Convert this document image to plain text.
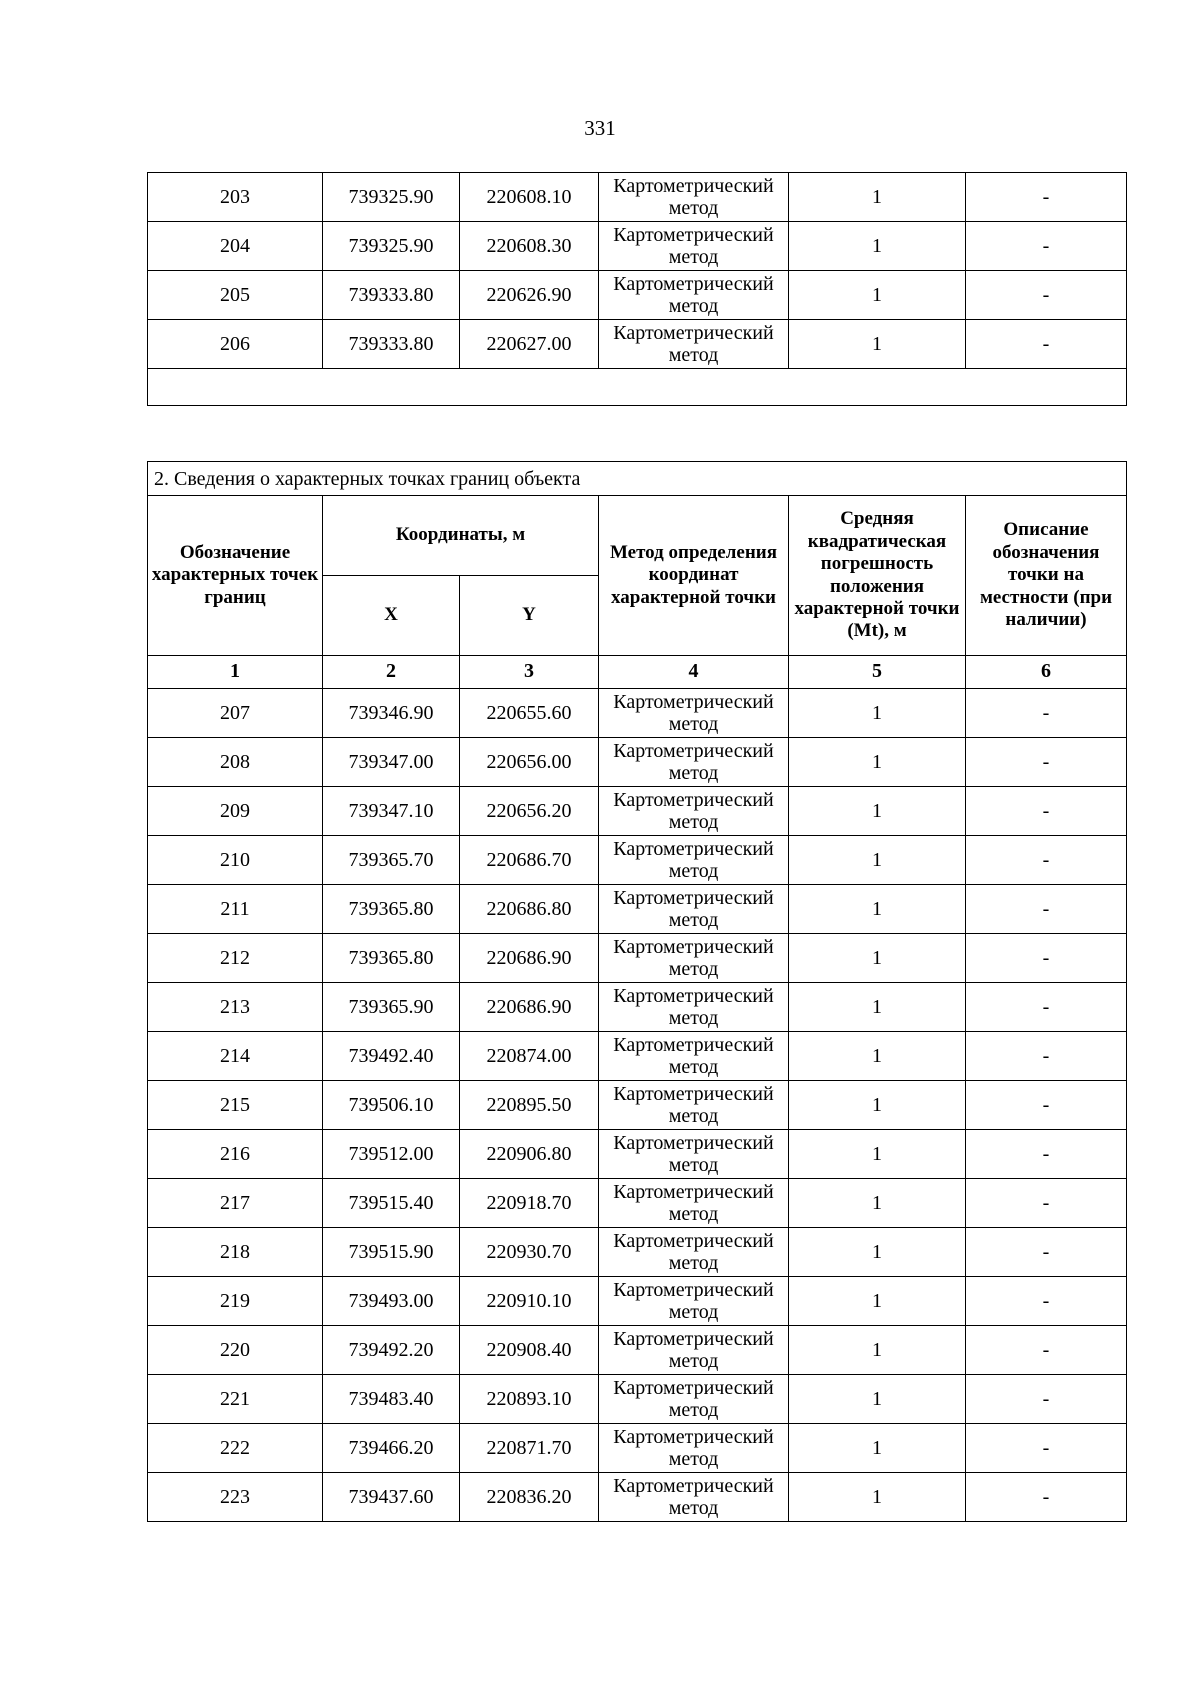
331
203	739325.90	220608.10	Картометрический метод	1	-
204	739325.90	220608.30	Картометрический метод	1	-
205	739333.80	220626.90	Картометрический метод	1	-
206	739333.80	220627.00	Картометрический метод	1	-

2. Сведения о характерных точках границ объекта					
Обозначение характерных точек границ	Координаты, м		Метод определения координат характерной точки	Средняя квадратическая погрешность положения характерной точки (Mt), м	Описание обозначения точки на местности (при наличии)
	X	Y			
1	2	3	4	5	6
207	739346.90	220655.60	Картометрический метод	1	-
208	739347.00	220656.00	Картометрический метод	1	-
209	739347.10	220656.20	Картометрический метод	1	-
210	739365.70	220686.70	Картометрический метод	1	-
211	739365.80	220686.80	Картометрический метод	1	-
212	739365.80	220686.90	Картометрический метод	1	-
213	739365.90	220686.90	Картометрический метод	1	-
214	739492.40	220874.00	Картометрический метод	1	-
215	739506.10	220895.50	Картометрический метод	1	-
216	739512.00	220906.80	Картометрический метод	1	-
217	739515.40	220918.70	Картометрический метод	1	-
218	739515.90	220930.70	Картометрический метод	1	-
219	739493.00	220910.10	Картометрический метод	1	-
220	739492.20	220908.40	Картометрический метод	1	-
221	739483.40	220893.10	Картометрический метод	1	-
222	739466.20	220871.70	Картометрический метод	1	-
223	739437.60	220836.20	Картометрический метод	1	-
